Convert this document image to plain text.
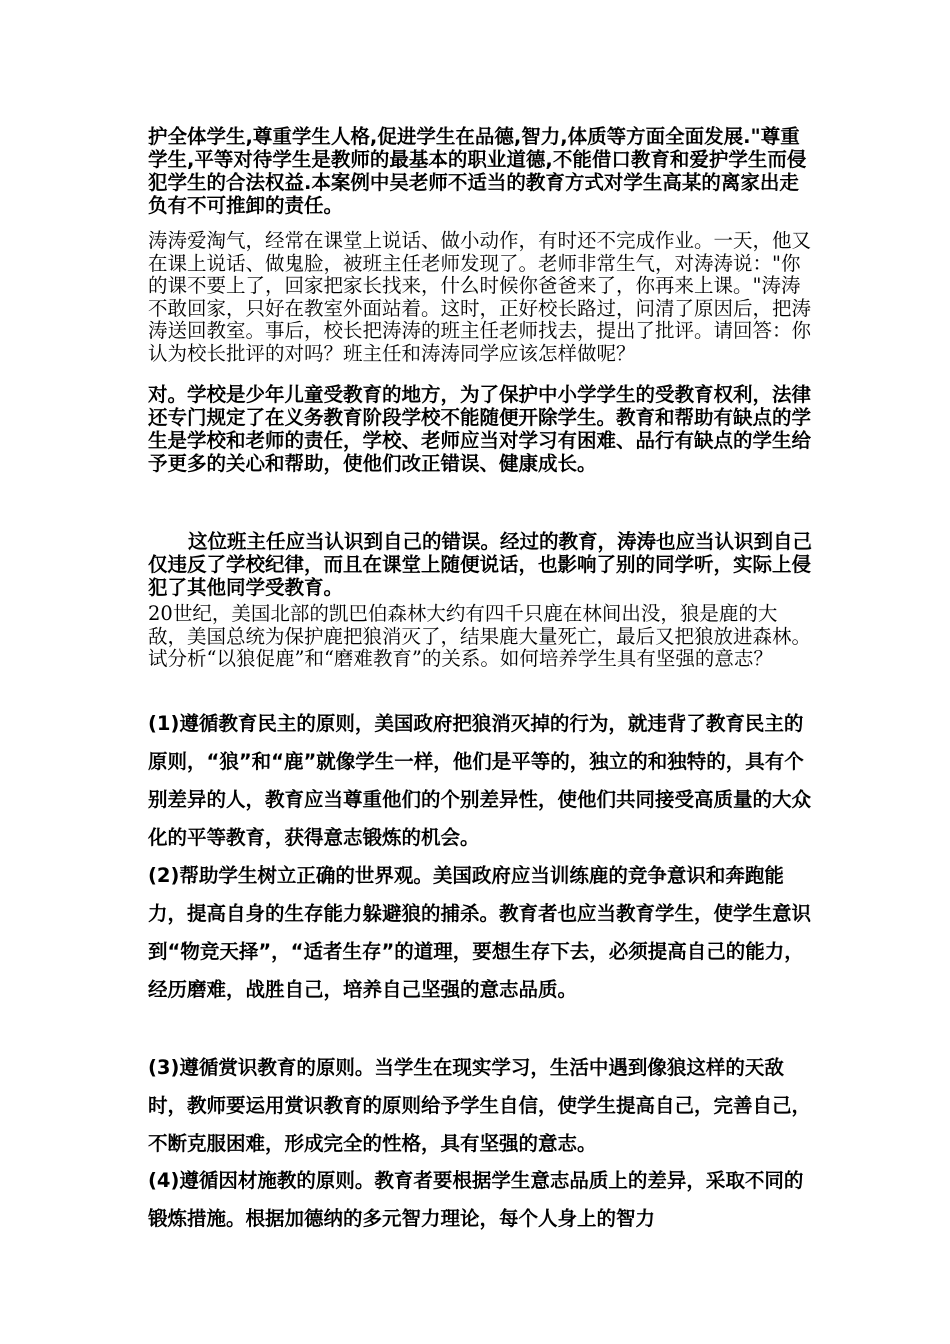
护全体学生,尊重学生人格,促进学生在品德,智力,体质等方面全面发展."尊重学生,平等对待学生是教师的最基本的职业道德,不能借口教育和爱护学生而侵犯学生的合法权益.本案例中吴老师不适当的教育方式对学生高某的离家出走负有不可推卸的责任。

涛涛爱淘气，经常在课堂上说话、做小动作，有时还不完成作业。一天，他又在课上说话、做鬼脸，被班主任老师发现了。老师非常生气，对涛涛说："你的课不要上了，回家把家长找来，什么时候你爸爸来了，你再来上课。"涛涛不敢回家，只好在教室外面站着。这时，正好校长路过，问清了原因后，把涛涛送回教室。事后，校长把涛涛的班主任老师找去，提出了批评。请回答：你认为校长批评的对吗？班主任和涛涛同学应该怎样做呢？

对。学校是少年儿童受教育的地方，为了保护中小学学生的受教育权利，法律还专门规定了在义务教育阶段学校不能随便开除学生。教育和帮助有缺点的学生是学校和老师的责任，学校、老师应当对学习有困难、品行有缺点的学生给予更多的关心和帮助，使他们改正错误、健康成长。

这位班主任应当认识到自己的错误。经过的教育，涛涛也应当认识到自己仅违反了学校纪律，而且在课堂上随便说话，也影响了别的同学听，实际上侵犯了其他同学受教育。

20世纪，美国北部的凯巴伯森林大约有四千只鹿在林间出没，狼是鹿的大敌，美国总统为保护鹿把狼消灭了，结果鹿大量死亡，最后又把狼放进森林。试分析“以狼促鹿”和“磨难教育”的关系。如何培养学生具有坚强的意志？

(1)遵循教育民主的原则，美国政府把狼消灭掉的行为，就违背了教育民主的原则，“狼”和“鹿”就像学生一样，他们是平等的，独立的和独特的，具有个别差异的人，教育应当尊重他们的个别差异性，使他们共同接受高质量的大众化的平等教育，获得意志锻炼的机会。

(2)帮助学生树立正确的世界观。美国政府应当训练鹿的竞争意识和奔跑能力，提高自身的生存能力躲避狼的捕杀。教育者也应当教育学生，使学生意识到“物竞天择”，“适者生存”的道理，要想生存下去，必须提高自己的能力，经历磨难，战胜自己，培养自己坚强的意志品质。

(3)遵循赏识教育的原则。当学生在现实学习，生活中遇到像狼这样的天敌时，教师要运用赏识教育的原则给予学生自信，使学生提高自己，完善自己，不断克服困难，形成完全的性格，具有坚强的意志。

(4)遵循因材施教的原则。教育者要根据学生意志品质上的差异，采取不同的锻炼措施。根据加德纳的多元智力理论，每个人身上的智力
